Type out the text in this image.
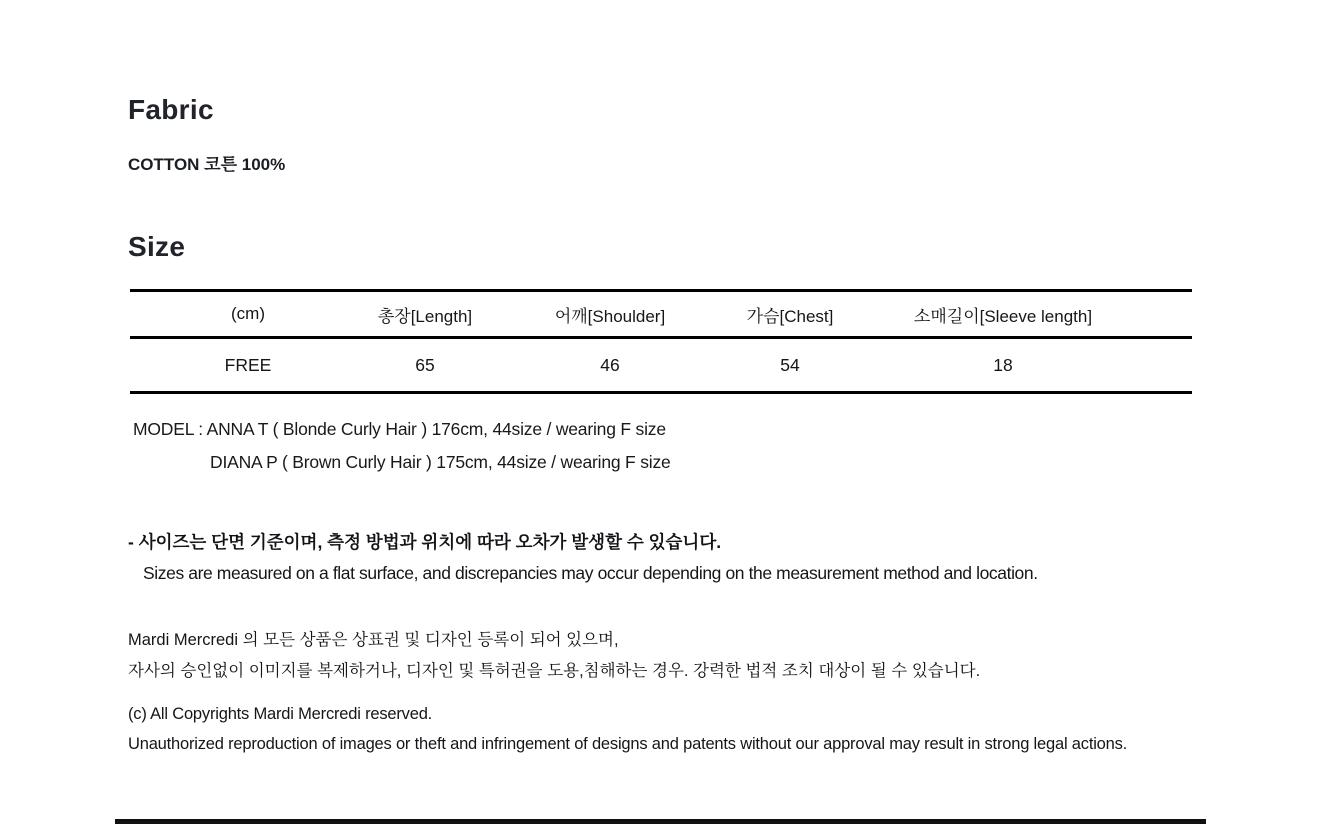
Fabric
COTTON 코튼 100%
Size
(cm)	총장[Length]	어깨[Shoulder]	가슴[Chest]	소매길이[Sleeve length]
FREE	65	46	54	18
MODEL : ANNA T ( Blonde Curly Hair ) 176cm, 44size / wearing F size
DIANA P ( Brown Curly Hair ) 175cm, 44size / wearing F size
- 사이즈는 단면 기준이며, 측정 방법과 위치에 따라 오차가 발생할 수 있습니다.
Sizes are measured on a flat surface, and discrepancies may occur depending on the measurement method and location.
Mardi Mercredi 의 모든 상품은 상표권 및 디자인 등록이 되어 있으며,
자사의 승인없이 이미지를 복제하거나, 디자인 및 특허권을 도용,침해하는 경우. 강력한 법적 조치 대상이 될 수 있습니다.
(c) All Copyrights Mardi Mercredi reserved.
Unauthorized reproduction of images or theft and infringement of designs and patents without our approval may result in strong legal actions.
